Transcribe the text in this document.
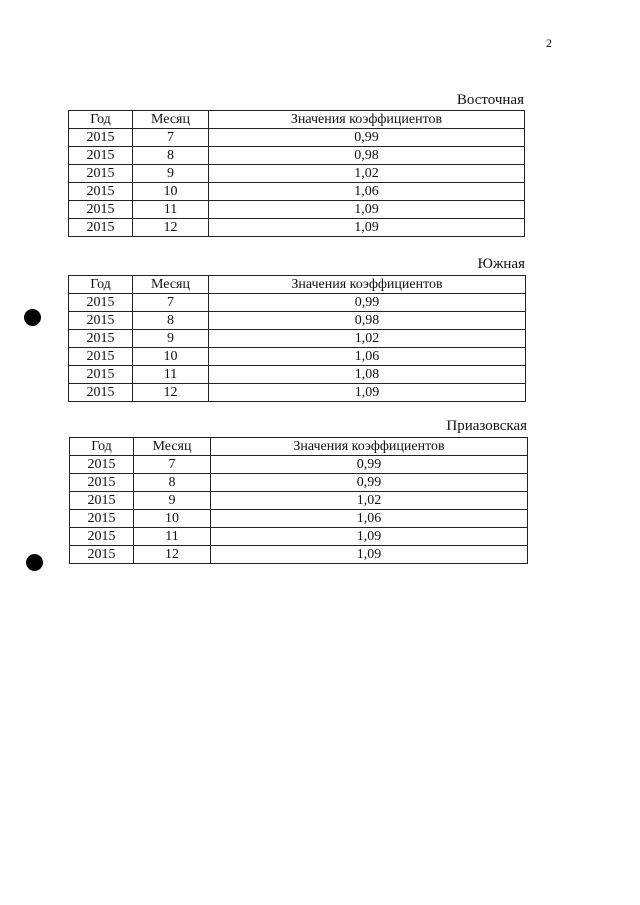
2
Восточная
Год	Месяц	Значения коэффициентов
2015	7	0,99
2015	8	0,98
2015	9	1,02
2015	10	1,06
2015	11	1,09
2015	12	1,09
Южная
Год	Месяц	Значения коэффициентов
2015	7	0,99
2015	8	0,98
2015	9	1,02
2015	10	1,06
2015	11	1,08
2015	12	1,09
Приазовская
Год	Месяц	Значения коэффициентов
2015	7	0,99
2015	8	0,99
2015	9	1,02
2015	10	1,06
2015	11	1,09
2015	12	1,09
